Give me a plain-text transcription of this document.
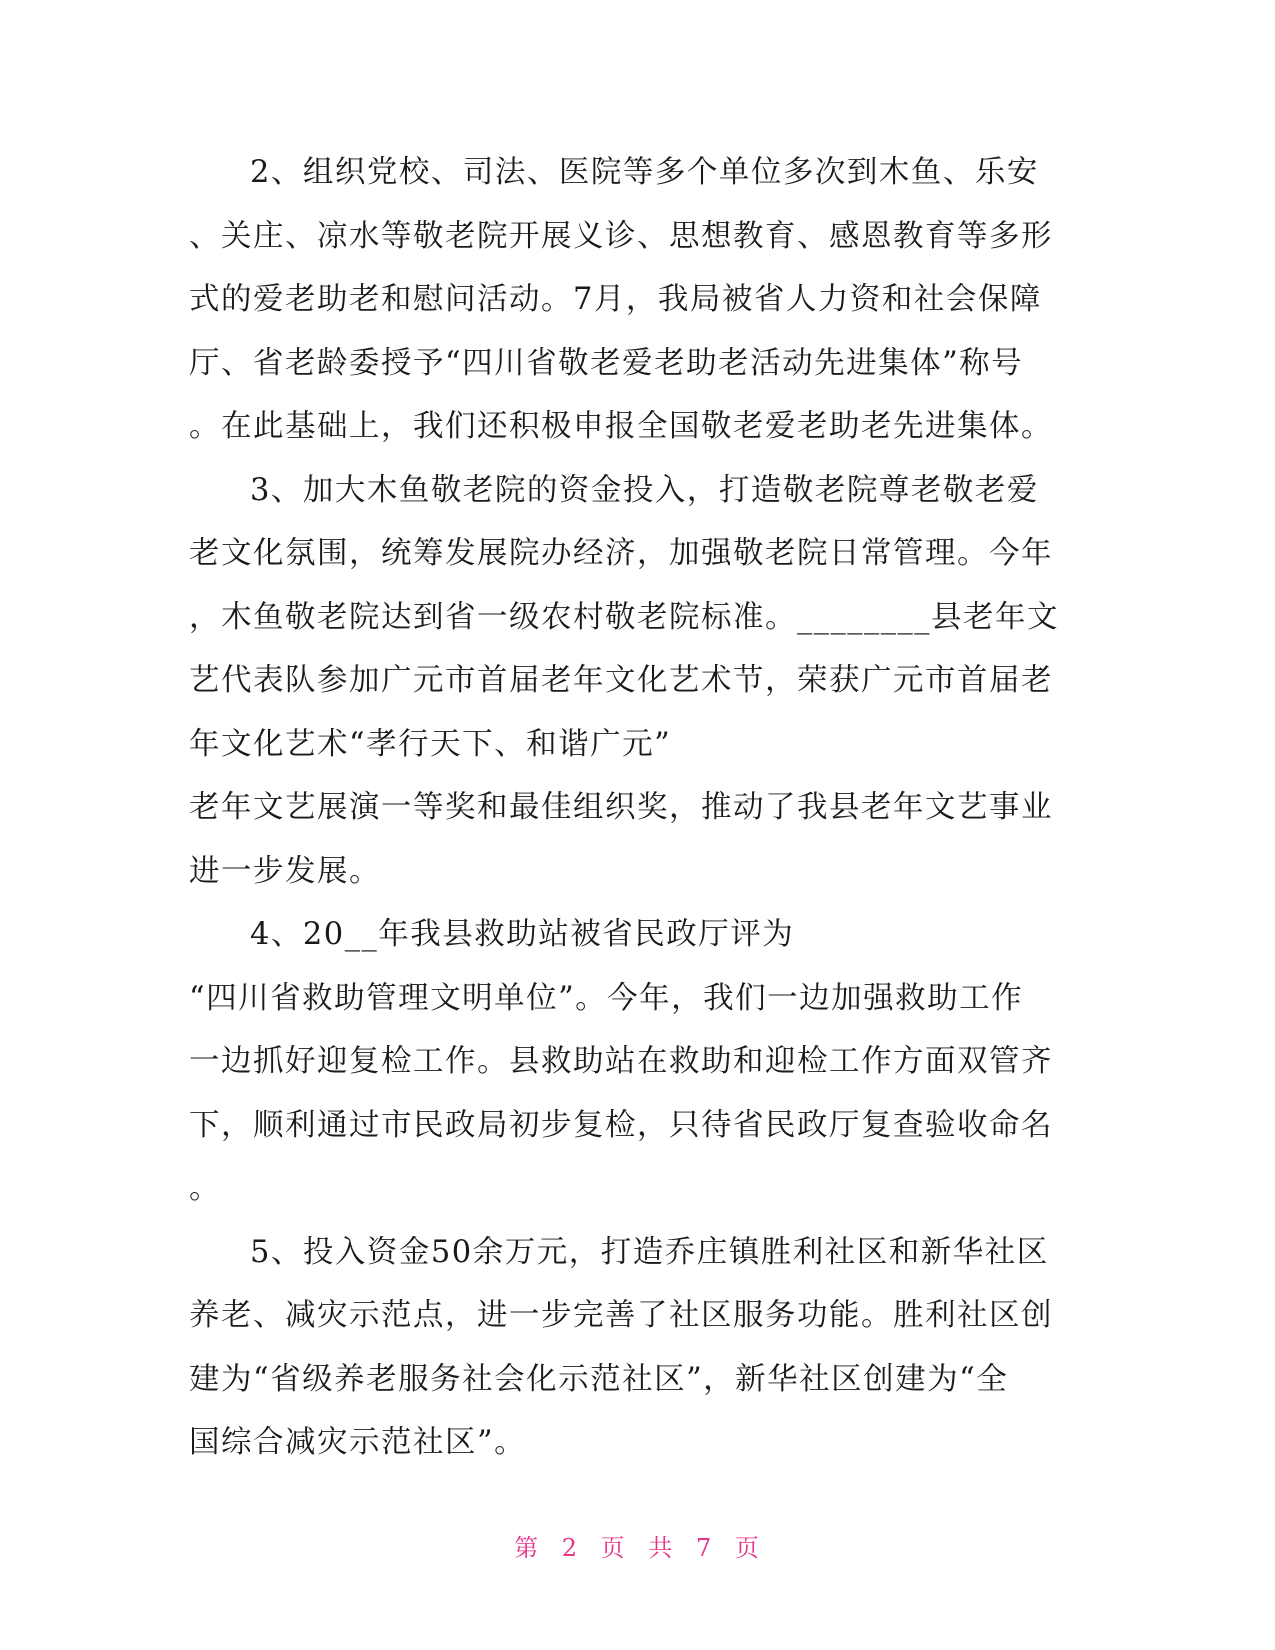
2、组织党校、司法、医院等多个单位多次到木鱼、乐安
、关庄、凉水等敬老院开展义诊、思想教育、感恩教育等多形
式的爱老助老和慰问活动。7月，我局被省人力资和社会保障
厅、省老龄委授予“四川省敬老爱老助老活动先进集体”称号
。在此基础上，我们还积极申报全国敬老爱老助老先进集体。
3、加大木鱼敬老院的资金投入，打造敬老院尊老敬老爱
老文化氛围，统筹发展院办经济，加强敬老院日常管理。今年
，木鱼敬老院达到省一级农村敬老院标准。________县老年文
艺代表队参加广元市首届老年文化艺术节，荣获广元市首届老
年文化艺术“孝行天下、和谐广元”
老年文艺展演一等奖和最佳组织奖，推动了我县老年文艺事业
进一步发展。
4、20__年我县救助站被省民政厅评为
“四川省救助管理文明单位”。今年，我们一边加强救助工作
一边抓好迎复检工作。县救助站在救助和迎检工作方面双管齐
下，顺利通过市民政局初步复检，只待省民政厅复查验收命名
。
5、投入资金50余万元，打造乔庄镇胜利社区和新华社区
养老、减灾示范点，进一步完善了社区服务功能。胜利社区创
建为“省级养老服务社会化示范社区”，新华社区创建为“全
国综合减灾示范社区”。
第 2 页 共 7 页
